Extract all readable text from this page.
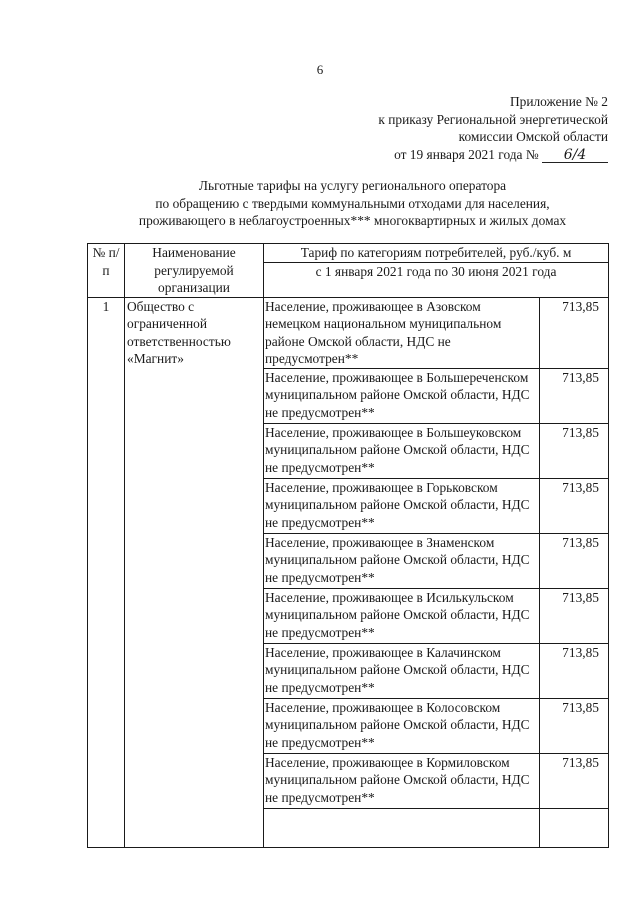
6
Приложение № 2
к приказу Региональной энергетической
комиссии Омской области
от 19 января 2021 года № 6/4
Льготные тарифы на услугу регионального оператора
по обращению с твердыми коммунальными отходами для населения,
проживающего в неблагоустроенных*** многоквартирных и жилых домах
№ п/п	Наименование регулируемой организации	Тариф по категориям потребителей, руб./куб. м	
		с 1 января 2021 года по 30 июня 2021 года	
1	Общество с ограниченной ответственностью «Магнит»	Население, проживающее в Азовском немецком национальном муниципальном районе Омской области, НДС не предусмотрен**	713,85
		Население, проживающее в Большереченском муниципальном районе Омской области, НДС не предусмотрен**	713,85
		Население, проживающее в Большеуковском муниципальном районе Омской области, НДС не предусмотрен**	713,85
		Население, проживающее в Горьковском муниципальном районе Омской области, НДС не предусмотрен**	713,85
		Население, проживающее в Знаменском муниципальном районе Омской области, НДС не предусмотрен**	713,85
		Население, проживающее в Исилькульском муниципальном районе Омской области, НДС не предусмотрен**	713,85
		Население, проживающее в Калачинском муниципальном районе Омской области, НДС не предусмотрен**	713,85
		Население, проживающее в Колосовском муниципальном районе Омской области, НДС не предусмотрен**	713,85
		Население, проживающее в Кормиловском муниципальном районе Омской области, НДС не предусмотрен**	713,85
